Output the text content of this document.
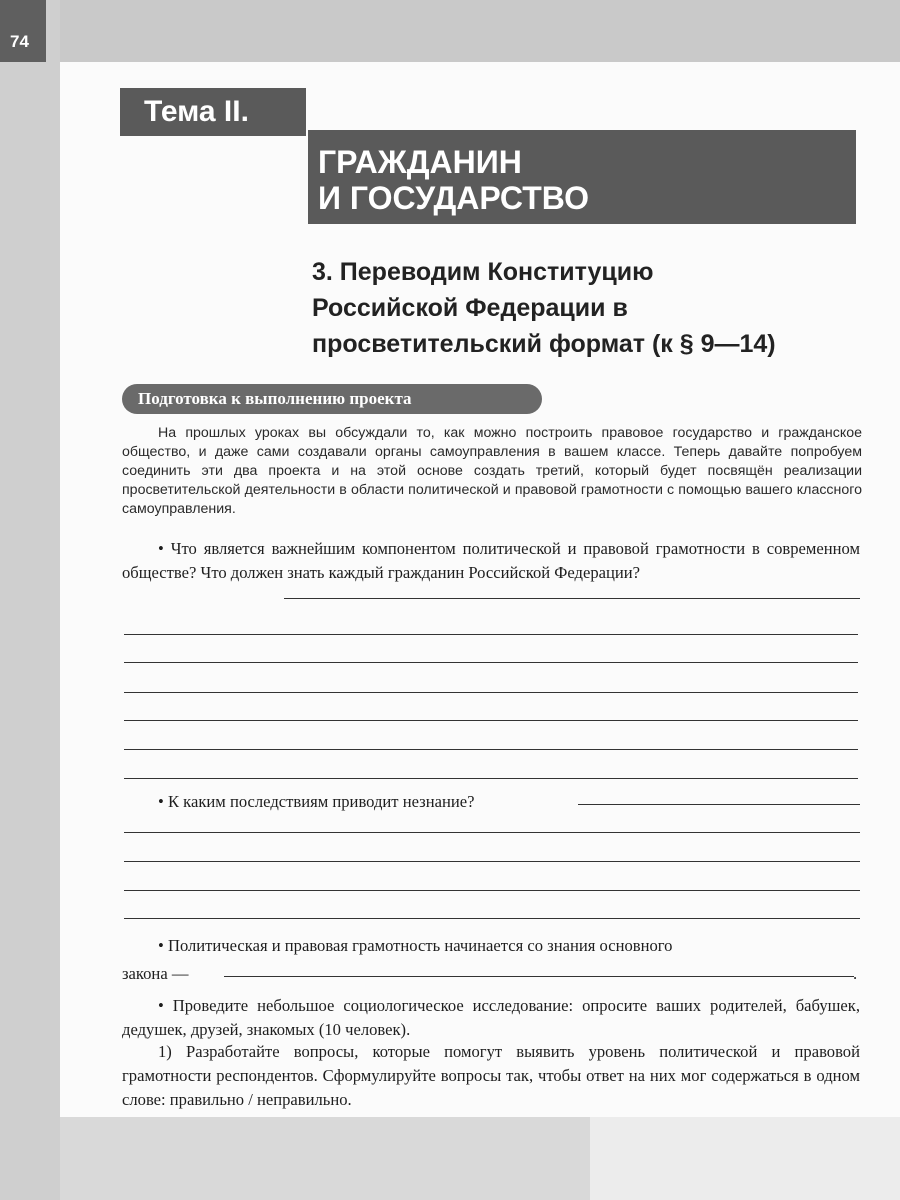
74
Тема II.
ГРАЖДАНИН
И ГОСУДАРСТВО
3. Переводим Конституцию
Российской Федерации в
просветительский формат (к § 9—14)
Подготовка к выполнению проекта

На прошлых уроках вы обсуждали то, как можно построить правовое государство и гражданское общество, и даже сами создавали органы самоуправления в вашем классе. Теперь давайте попробуем соединить эти два проекта и на этой основе создать третий, который будет посвящён реализации просветительской деятельности в области политической и правовой грамотности с помощью вашего классного самоуправления.

• Что является важнейшим компонентом политической и правовой грамотности в современном обществе? Что должен знать каждый гражданин Российской Федерации?

• К каким последствиям приводит незнание?

• Политическая и правовая грамотность начинается со знания основного

закона —	.

• Проведите небольшое социологическое исследование: опросите ваших родителей, бабушек, дедушек, друзей, знакомых (10 человек).

1) Разработайте вопросы, которые помогут выявить уровень политической и правовой грамотности респондентов. Сформулируйте вопросы так, чтобы ответ на них мог содержаться в одном слове: правильно / неправильно.
